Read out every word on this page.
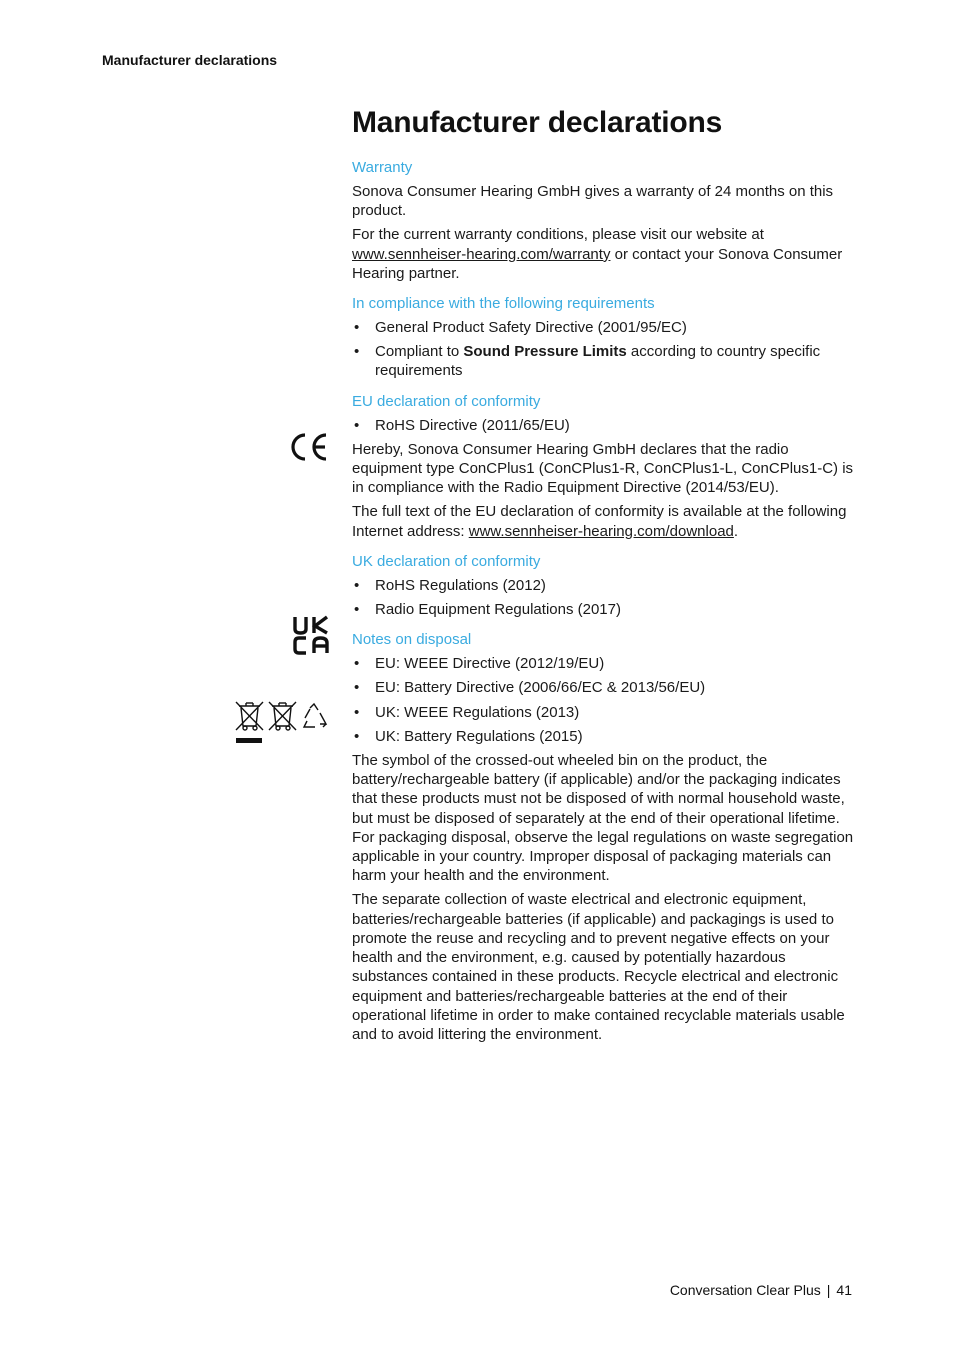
Manufacturer declarations
Manufacturer declarations
Warranty

Sonova Consumer Hearing GmbH gives a warranty of 24 months on this product.

For the current warranty conditions, please visit our website at www.sennheiser-hearing.com/warranty or contact your Sonova Consumer Hearing partner.

In compliance with the following requirements
• General Product Safety Directive (2001/95/EC)
• Compliant to Sound Pressure Limits according to country specific requirements
EU declaration of conformity
• RoHS Directive (2011/65/EU)

Hereby, Sonova Consumer Hearing GmbH declares that the radio equipment type ConCPlus1 (ConCPlus1-R, ConCPlus1-L, ConCPlus1-C) is in compliance with the Radio Equipment Directive (2014/53/EU).

The full text of the EU declaration of conformity is available at the following Internet address: www.sennheiser-hearing.com/download.

UK declaration of conformity
• RoHS Regulations (2012)
• Radio Equipment Regulations (2017)
Notes on disposal
• EU: WEEE Directive (2012/19/EU)
• EU: Battery Directive (2006/66/EC & 2013/56/EU)
• UK: WEEE Regulations (2013)
• UK: Battery Regulations (2015)

The symbol of the crossed-out wheeled bin on the product, the battery/rechargeable battery (if applicable) and/or the packaging indicates that these products must not be disposed of with normal household waste, but must be disposed of separately at the end of their operational lifetime. For packaging disposal, observe the legal regulations on waste segregation applicable in your country. Improper disposal of packaging materials can harm your health and the environment.

The separate collection of waste electrical and electronic equipment, batteries/rechargeable batteries (if applicable) and packagings is used to promote the reuse and recycling and to prevent negative effects on your health and the environment, e.g. caused by potentially hazardous substances contained in these products. Recycle electrical and electronic equipment and batteries/rechargeable batteries at the end of their operational lifetime in order to make contained recyclable materials usable and to avoid littering the environment.

Conversation Clear Plus | 41
